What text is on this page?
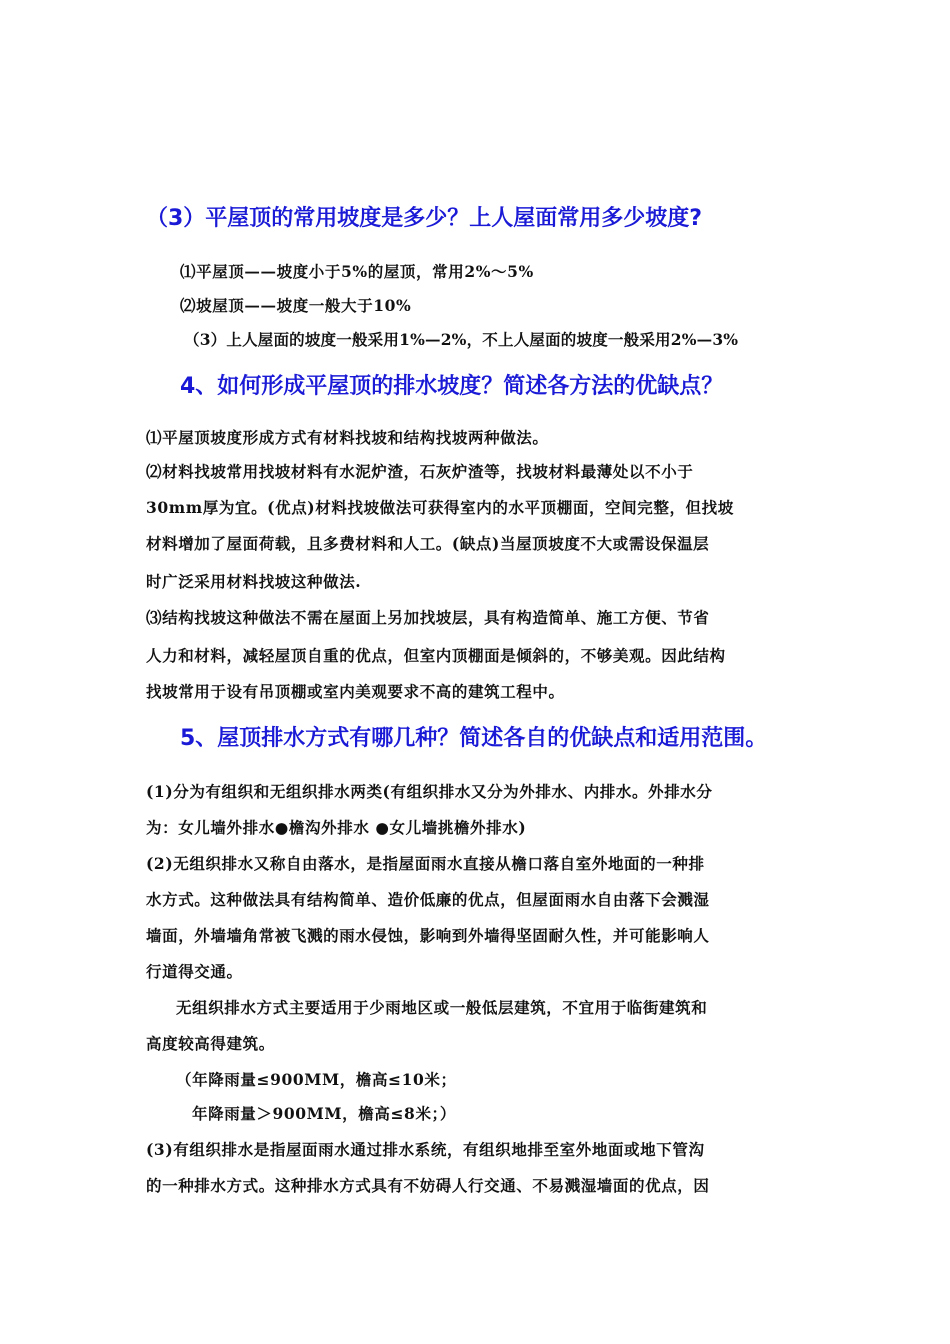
（3）平屋顶的常用坡度是多少？上人屋面常用多少坡度?
⑴平屋顶——坡度小于5%的屋顶，常用2%～5%
⑵坡屋顶——坡度一般大于10%
（3）上人屋面的坡度一般采用1%—2%，不上人屋面的坡度一般采用2%—3%
4、如何形成平屋顶的排水坡度？简述各方法的优缺点？
⑴平屋顶坡度形成方式有材料找坡和结构找坡两种做法。
⑵材料找坡常用找坡材料有水泥炉渣，石灰炉渣等，找坡材料最薄处以不小于
30mm厚为宜。(优点)材料找坡做法可获得室内的水平顶棚面，空间完整，但找坡
材料增加了屋面荷载，且多费材料和人工。(缺点)当屋顶坡度不大或需设保温层
时广泛采用材料找坡这种做法.
⑶结构找坡这种做法不需在屋面上另加找坡层，具有构造简单、施工方便、节省
人力和材料，减轻屋顶自重的优点，但室内顶棚面是倾斜的，不够美观。因此结构
找坡常用于设有吊顶棚或室内美观要求不高的建筑工程中。
5、屋顶排水方式有哪几种？简述各自的优缺点和适用范围。
(1)分为有组织和无组织排水两类(有组织排水又分为外排水、内排水。外排水分
为：女儿墙外排水●檐沟外排水 ●女儿墙挑檐外排水)
(2)无组织排水又称自由落水，是指屋面雨水直接从檐口落自室外地面的一种排
水方式。这种做法具有结构简单、造价低廉的优点，但屋面雨水自由落下会溅湿
墙面，外墙墙角常被飞溅的雨水侵蚀，影响到外墙得坚固耐久性，并可能影响人
行道得交通。
无组织排水方式主要适用于少雨地区或一般低层建筑，不宜用于临街建筑和
高度较高得建筑。
（年降雨量≤900MM，檐高≤10米；
年降雨量＞900MM，檐高≤8米；）
(3)有组织排水是指屋面雨水通过排水系统，有组织地排至室外地面或地下管沟
的一种排水方式。这种排水方式具有不妨碍人行交通、不易溅湿墙面的优点，因
